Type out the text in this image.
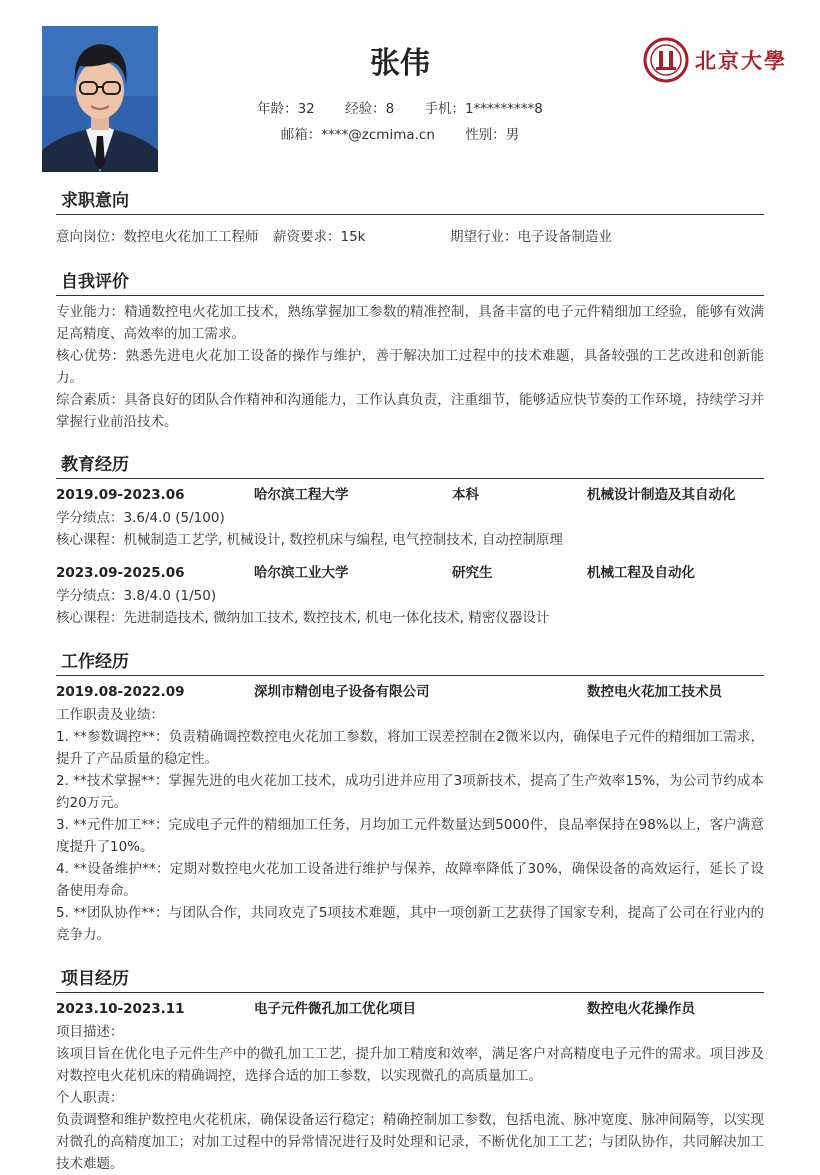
张伟
年龄：32 经验：8 手机：1*********8
邮箱：****@zcmima.cn 性别：男
北京大學
求职意向
意向岗位：数控电火花加工工程师 薪资要求：15k	期望行业：电子设备制造业
自我评价
专业能力：精通数控电火花加工技术，熟练掌握加工参数的精准控制，具备丰富的电子元件精细加工经验，能够有效满足高精度、高效率的加工需求。
核心优势：熟悉先进电火花加工设备的操作与维护，善于解决加工过程中的技术难题，具备较强的工艺改进和创新能力。
综合素质：具备良好的团队合作精神和沟通能力，工作认真负责，注重细节，能够适应快节奏的工作环境，持续学习并掌握行业前沿技术。
教育经历
2019.09-2023.06	哈尔滨工程大学	本科	机械设计制造及其自动化
学分绩点：3.6/4.0 (5/100)
核心课程：机械制造工艺学, 机械设计, 数控机床与编程, 电气控制技术, 自动控制原理
2023.09-2025.06	哈尔滨工业大学	研究生	机械工程及自动化
学分绩点：3.8/4.0 (1/50)
核心课程：先进制造技术, 微纳加工技术, 数控技术, 机电一体化技术, 精密仪器设计
工作经历
2019.08-2022.09	深圳市精创电子设备有限公司	数控电火花加工技术员
工作职责及业绩：
1. **参数调控**：负责精确调控数控电火花加工参数，将加工误差控制在2微米以内，确保电子元件的精细加工需求，提升了产品质量的稳定性。
2. **技术掌握**：掌握先进的电火花加工技术，成功引进并应用了3项新技术，提高了生产效率15%，为公司节约成本约20万元。
3. **元件加工**：完成电子元件的精细加工任务，月均加工元件数量达到5000件，良品率保持在98%以上，客户满意度提升了10%。
4. **设备维护**：定期对数控电火花加工设备进行维护与保养，故障率降低了30%，确保设备的高效运行，延长了设备使用寿命。
5. **团队协作**：与团队合作，共同攻克了5项技术难题，其中一项创新工艺获得了国家专利，提高了公司在行业内的竞争力。
项目经历
2023.10-2023.11	电子元件微孔加工优化项目	数控电火花操作员
项目描述：
该项目旨在优化电子元件生产中的微孔加工工艺，提升加工精度和效率，满足客户对高精度电子元件的需求。项目涉及对数控电火花机床的精确调控，选择合适的加工参数，以实现微孔的高质量加工。
个人职责：
负责调整和维护数控电火花机床，确保设备运行稳定；精确控制加工参数，包括电流、脉冲宽度、脉冲间隔等，以实现对微孔的高精度加工；对加工过程中的异常情况进行及时处理和记录，不断优化加工工艺；与团队协作，共同解决加工技术难题。
